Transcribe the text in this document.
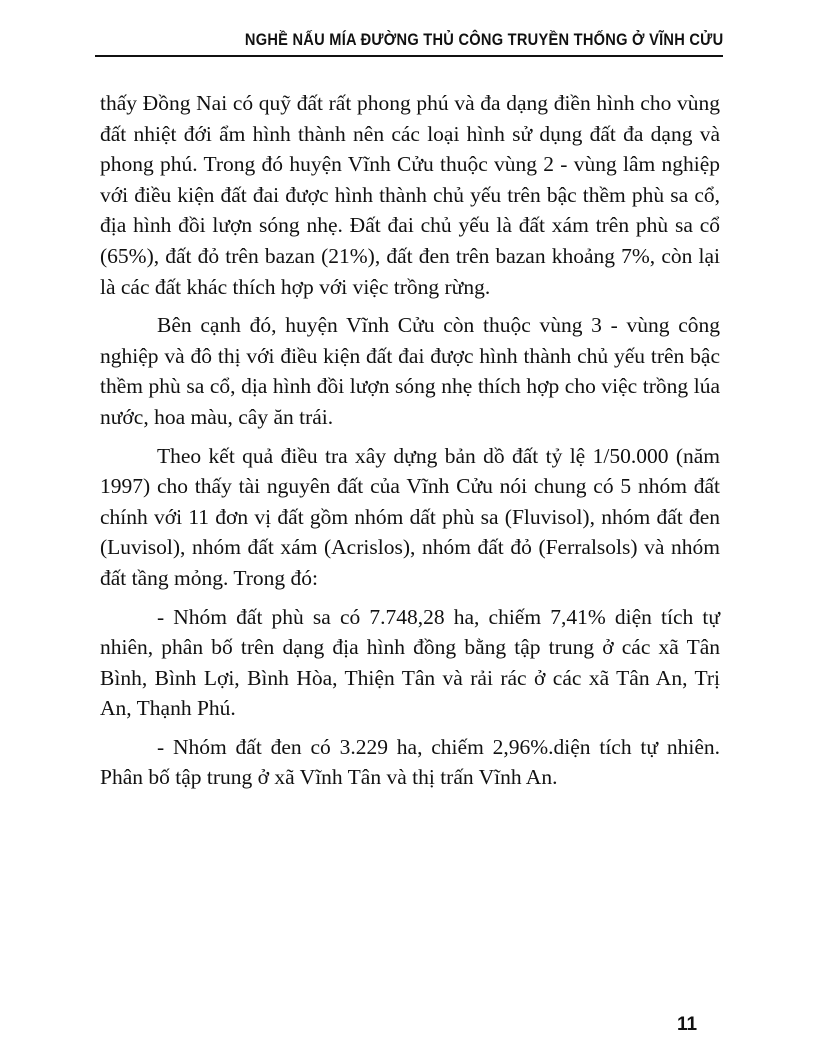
NGHỀ NẤU MÍA ĐƯỜNG THỦ CÔNG TRUYỀN THỐNG Ở VĨNH CỬU

thấy Đồng Nai có quỹ đất rất phong phú và đa dạng điền hình cho vùng đất nhiệt đới ẩm hình thành nên các loại hình sử dụng đất đa dạng và phong phú. Trong đó huyện Vĩnh Cửu thuộc vùng 2 - vùng lâm nghiệp với điều kiện đất đai được hình thành chủ yếu trên bậc thềm phù sa cổ, địa hình đồi lượn sóng nhẹ. Đất đai chủ yếu là đất xám trên phù sa cổ (65%), đất đỏ trên bazan (21%), đất đen trên bazan khoảng 7%, còn lại là các đất khác thích hợp với việc trồng rừng.

Bên cạnh đó, huyện Vĩnh Cửu còn thuộc vùng 3 - vùng công nghiệp và đô thị với điều kiện đất đai được hình thành chủ yếu trên bậc thềm phù sa cổ, dịa hình đồi lượn sóng nhẹ thích hợp cho việc trồng lúa nước, hoa màu, cây ăn trái.

Theo kết quả điều tra xây dựng bản dồ đất tỷ lệ 1/50.000 (năm 1997) cho thấy tài nguyên đất của Vĩnh Cửu nói chung có 5 nhóm đất chính với 11 đơn vị đất gồm nhóm dất phù sa (Fluvisol), nhóm đất đen (Luvisol), nhóm đất xám (Acrislos), nhóm đất đỏ (Ferralsols) và nhóm đất tầng mỏng. Trong đó:

- Nhóm đất phù sa có 7.748,28 ha, chiếm 7,41% diện tích tự nhiên, phân bố trên dạng địa hình đồng bằng tập trung ở các xã Tân Bình, Bình Lợi, Bình Hòa, Thiện Tân và rải rác ở các xã Tân An, Trị An, Thạnh Phú.

- Nhóm đất đen có 3.229 ha, chiếm 2,96%.diện tích tự nhiên. Phân bố tập trung ở xã Vĩnh Tân và thị trấn Vĩnh An.

11
